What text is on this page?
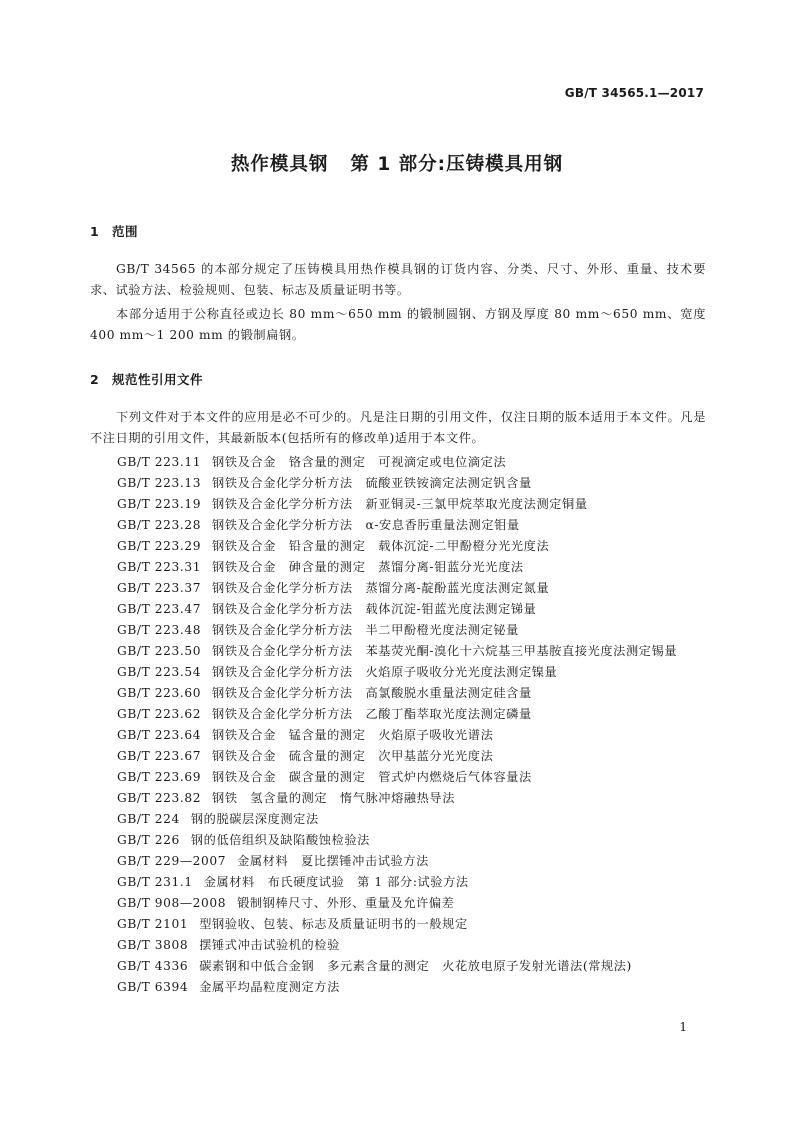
GB/T 34565.1—2017
热作模具钢 第 1 部分:压铸模具用钢
1 范围

GB/T 34565 的本部分规定了压铸模具用热作模具钢的订货内容、分类、尺寸、外形、重量、技术要求、试验方法、检验规则、包装、标志及质量证明书等。

本部分适用于公称直径或边长 80 mm～650 mm 的锻制圆钢、方钢及厚度 80 mm～650 mm、宽度 400 mm～1 200 mm 的锻制扁钢。

2 规范性引用文件

下列文件对于本文件的应用是必不可少的。凡是注日期的引用文件，仅注日期的版本适用于本文件。凡是不注日期的引用文件，其最新版本(包括所有的修改单)适用于本文件。

GB/T 223.11 钢铁及合金　铬含量的测定　可视滴定或电位滴定法
GB/T 223.13 钢铁及合金化学分析方法　硫酸亚铁铵滴定法测定钒含量
GB/T 223.19 钢铁及合金化学分析方法　新亚铜灵-三氯甲烷萃取光度法测定铜量
GB/T 223.28 钢铁及合金化学分析方法　α-安息香肟重量法测定钼量
GB/T 223.29 钢铁及合金　铅含量的测定　载体沉淀-二甲酚橙分光光度法
GB/T 223.31 钢铁及合金　砷含量的测定　蒸馏分离-钼蓝分光光度法
GB/T 223.37 钢铁及合金化学分析方法　蒸馏分离-靛酚蓝光度法测定氮量
GB/T 223.47 钢铁及合金化学分析方法　载体沉淀-钼蓝光度法测定锑量
GB/T 223.48 钢铁及合金化学分析方法　半二甲酚橙光度法测定铋量
GB/T 223.50 钢铁及合金化学分析方法　苯基荧光酮-溴化十六烷基三甲基胺直接光度法测定锡量
GB/T 223.54 钢铁及合金化学分析方法　火焰原子吸收分光光度法测定镍量
GB/T 223.60 钢铁及合金化学分析方法　高氯酸脱水重量法测定硅含量
GB/T 223.62 钢铁及合金化学分析方法　乙酸丁酯萃取光度法测定磷量
GB/T 223.64 钢铁及合金　锰含量的测定　火焰原子吸收光谱法
GB/T 223.67 钢铁及合金　硫含量的测定　次甲基蓝分光光度法
GB/T 223.69 钢铁及合金　碳含量的测定　管式炉内燃烧后气体容量法
GB/T 223.82 钢铁　氢含量的测定　惰气脉冲熔融热导法
GB/T 224 钢的脱碳层深度测定法
GB/T 226 钢的低倍组织及缺陷酸蚀检验法
GB/T 229—2007 金属材料　夏比摆锤冲击试验方法
GB/T 231.1 金属材料　布氏硬度试验　第 1 部分:试验方法
GB/T 908—2008 锻制钢棒尺寸、外形、重量及允许偏差
GB/T 2101 型钢验收、包装、标志及质量证明书的一般规定
GB/T 3808 摆锤式冲击试验机的检验
GB/T 4336 碳素钢和中低合金钢　多元素含量的测定　火花放电原子发射光谱法(常规法)
GB/T 6394 金属平均晶粒度测定方法
1
